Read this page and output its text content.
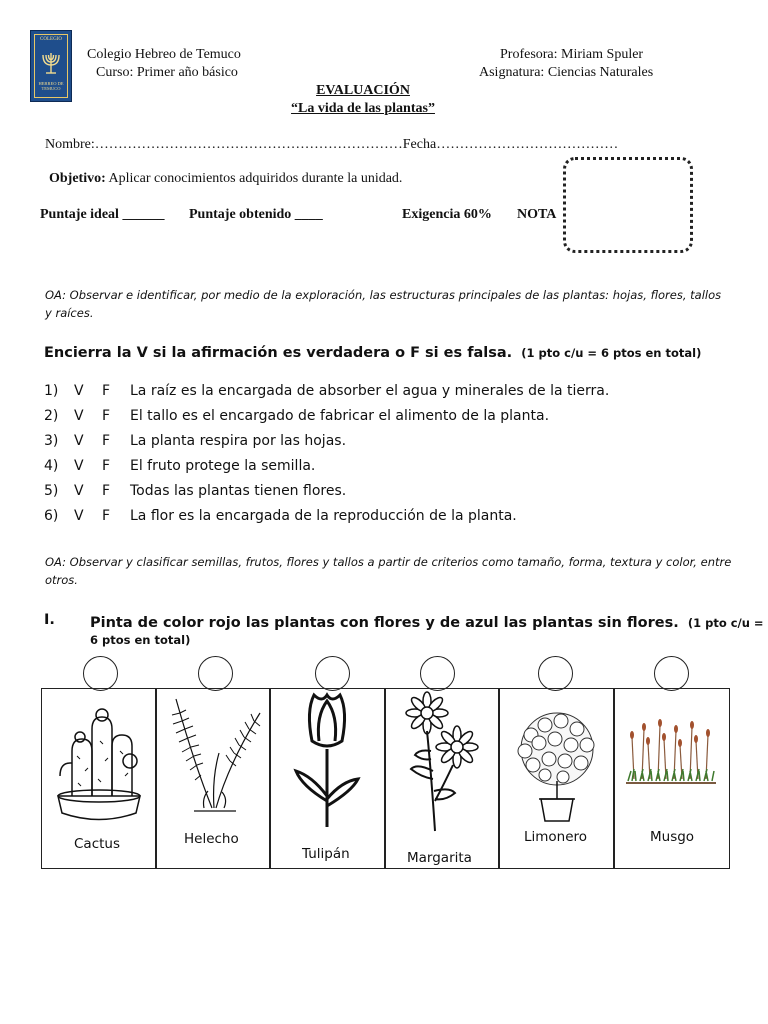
COLEGIO
HEBREO DE TEMUCO
Colegio Hebreo de Temuco
Curso: Primer año básico
Profesora: Miriam Spuler
Asignatura: Ciencias Naturales
EVALUACIÓN
“La vida de las plantas”
Nombre:…………………………………………………………Fecha…………………………………
Objetivo: Aplicar conocimientos adquiridos durante la unidad.
Puntaje ideal ______ Puntaje obtenido ____	Exigencia 60% NOTA
OA: Observar e identificar, por medio de la exploración, las estructuras principales de las plantas: hojas, flores, tallos y raíces.
Encierra la V si la afirmación es verdadera o F si es falsa. (1 pto c/u = 6 ptos en total)
1)	V	F	La raíz es la encargada de absorber el agua y minerales de la tierra.
2)	V	F	El tallo es el encargado de fabricar el alimento de la planta.
3)	V	F	La planta respira por las hojas.
4)	V	F	El fruto protege la semilla.
5)	V	F	Todas las plantas tienen flores.
6)	V	F	La flor es la encargada de la reproducción de la planta.
OA: Observar y clasificar semillas, frutos, flores y tallos a partir de criterios como tamaño, forma, textura y color, entre otros.
I. Pinta de color rojo las plantas con flores y de azul las plantas sin flores. (1 pto c/u =
6 ptos en total)
Cactus	Helecho
Tulipán	Margarita
Limonero	Musgo
